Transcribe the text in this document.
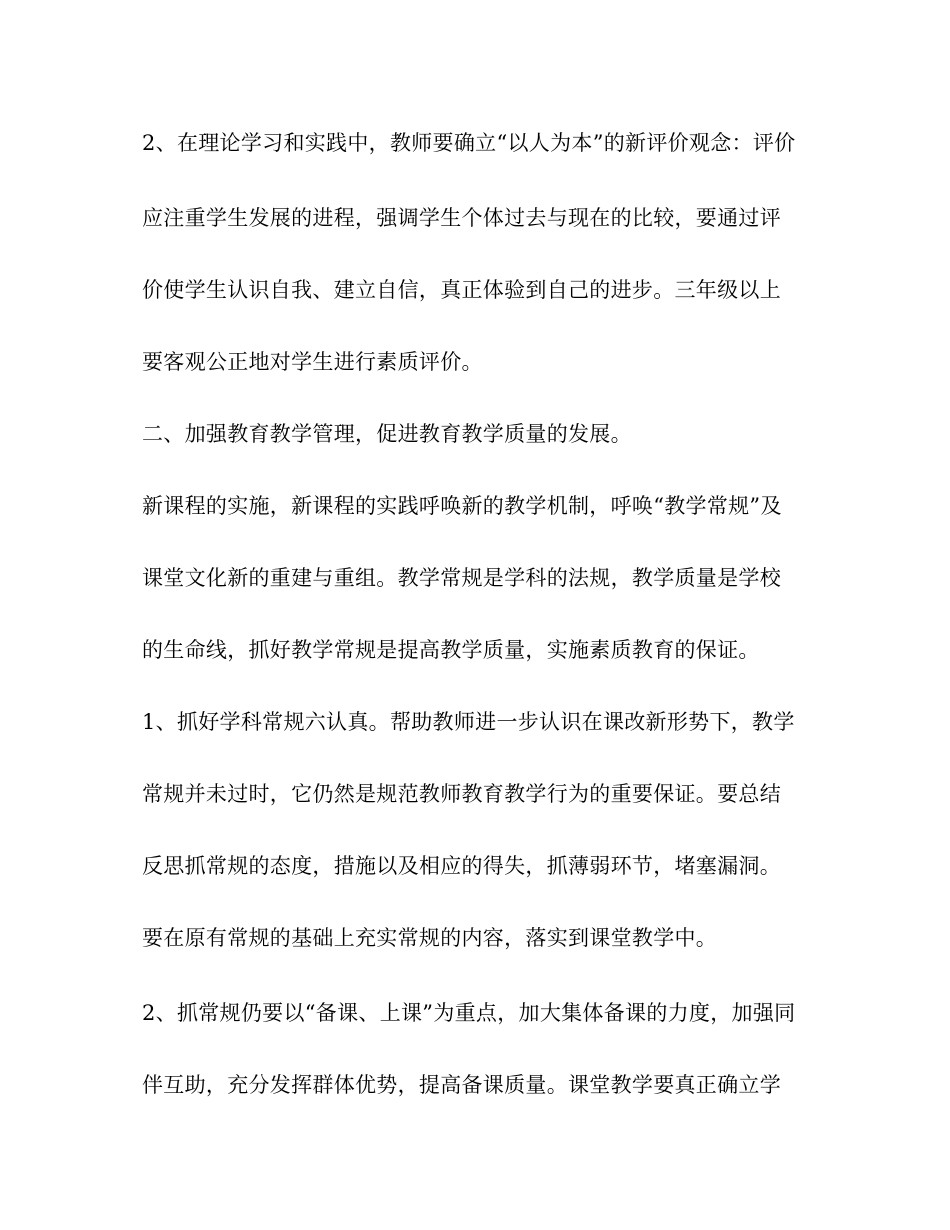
2、在理论学习和实践中，教师要确立“以人为本”的新评价观念：评价
应注重学生发展的进程，强调学生个体过去与现在的比较，要通过评
价使学生认识自我、建立自信，真正体验到自己的进步。三年级以上
要客观公正地对学生进行素质评价。
二、加强教育教学管理，促进教育教学质量的发展。
新课程的实施，新课程的实践呼唤新的教学机制，呼唤“教学常规”及
课堂文化新的重建与重组。教学常规是学科的法规，教学质量是学校
的生命线，抓好教学常规是提高教学质量，实施素质教育的保证。
1、抓好学科常规六认真。帮助教师进一步认识在课改新形势下，教学
常规并未过时，它仍然是规范教师教育教学行为的重要保证。要总结
反思抓常规的态度，措施以及相应的得失，抓薄弱环节，堵塞漏洞。
要在原有常规的基础上充实常规的内容，落实到课堂教学中。
2、抓常规仍要以“备课、上课”为重点，加大集体备课的力度，加强同
伴互助，充分发挥群体优势，提高备课质量。课堂教学要真正确立学
